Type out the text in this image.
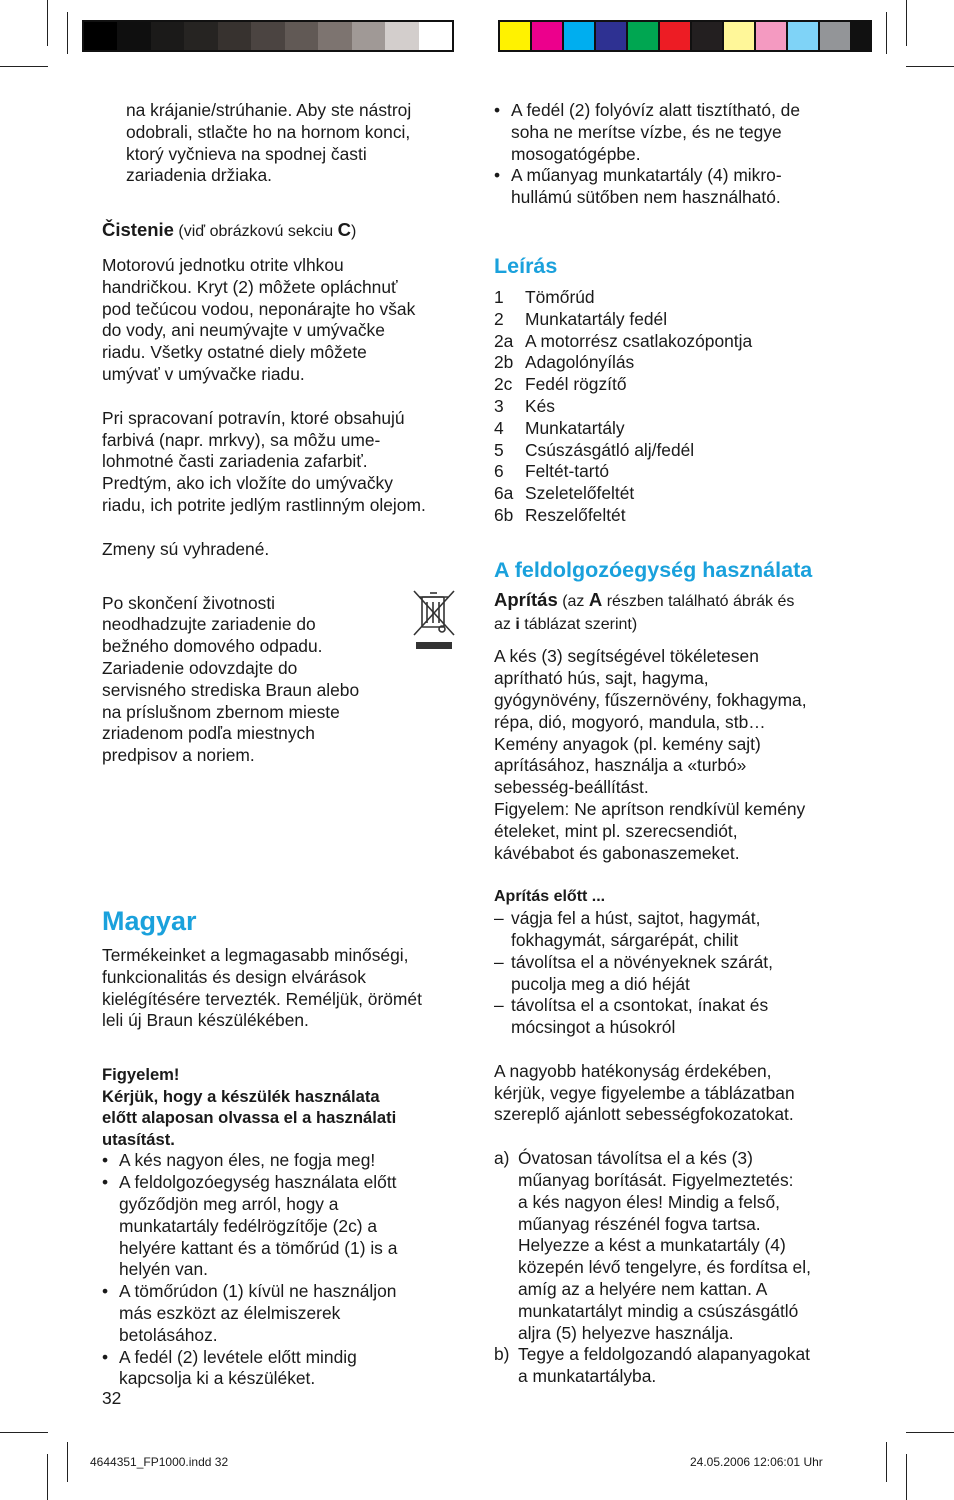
na krájanie/strúhanie. Aby ste nástroj
odobrali, stlačte ho na hornom konci,
ktorý vyčnieva na spodnej časti
zariadenia držiaka.

Čistenie (viď obrázkovú sekciu C)

Motorovú jednotku otrite vlhkou
handričkou. Kryt (2) môžete opláchnuť
pod tečúcou vodou, neponárajte ho však
do vody, ani neumývajte v umývačke
riadu. Všetky ostatné diely môžete
umývať v umývačke riadu.
Pri spracovaní potravín, ktoré obsahujú
farbivá (napr. mrkvy), sa môžu ume-
lohmotné časti zariadenia zafarbiť.
Predtým, ako ich vložíte do umývačky
riadu, ich potrite jedlým rastlinným olejom.

Zmeny sú vyhradené.

Po skončení životnosti
neodhadzujte zariadenie do
bežného domového odpadu.
Zariadenie odovzdajte do
servisného strediska Braun alebo
na príslušnom zbernom mieste
zriadenom podľa miestnych
predpisov a noriem.
Magyar
Termékeinket a legmagasabb minőségi,
funkcionalitás és design elvárások
kielégítésére tervezték. Reméljük, örömét
leli új Braun készülékében.
Figyelem!
Kérjük, hogy a készülék használata
előtt alaposan olvassa el a használati
utasítást.
• A kés nagyon éles, ne fogja meg!
• A feldolgozóegység használata előtt
győződjön meg arról, hogy a
munkatartály fedélrögzítője (2c) a
helyére kattant és a tömőrúd (1) is a
helyén van.
• A tömőrúdon (1) kívül ne használjon
más eszközt az élelmiszerek
betolásához.
• A fedél (2) levétele előtt mindig
kapcsolja ki a készüléket.

32

• A fedél (2) folyóvíz alatt tisztítható, de
soha ne merítse vízbe, és ne tegye
mosogatógépbe.
• A műanyag munkatartály (4) mikro-
hullámú sütőben nem használható.
Leírás
1	Tömőrúd
2	Munkatartály fedél
2a A motorrész csatlakozópontja
2b Adagolónyílás
2c Fedél rögzítő
3	Kés
4	Munkatartály
5	Csúszásgátló alj/fedél
6	Feltét-tartó
6a Szeletelőfeltét
6b Reszelőfeltét
A feldolgozóegység használata

Aprítás (az A részben található ábrák és
az i táblázat szerint)

A kés (3) segítségével tökéletesen
aprítható hús, sajt, hagyma,
gyógynövény, fűszernövény, fokhagyma,
répa, dió, mogyoró, mandula, stb…
Kemény anyagok (pl. kemény sajt)
aprításához, használja a «turbó»
sebesség-beállítást.
Figyelem: Ne aprítson rendkívül kemény
ételeket, mint pl. szerecsendiót,
kávébabot és gabonaszemeket.

Aprítás előtt ...

– vágja fel a húst, sajtot, hagymát,
fokhagymát, sárgarépát, chilit
– távolítsa el a növényeknek szárát,
pucolja meg a dió héját
– távolítsa el a csontokat, ínakat és
mócsingot a húsokról
A nagyobb hatékonyság érdekében,
kérjük, vegye figyelembe a táblázatban
szereplő ajánlott sebességfokozatokat.
a) Óvatosan távolítsa el a kés (3)
műanyag borítását. Figyelmeztetés:
a kés nagyon éles! Mindig a felső,
műanyag részénél fogva tartsa.
Helyezze a kést a munkatartály (4)
közepén lévő tengelyre, és fordítsa el,
amíg az a helyére nem kattan. A
munkatartályt mindig a csúszásgátló
aljra (5) helyezve használja.
b) Tegye a feldolgozandó alapanyagokat
a munkatartályba.
4644351_FP1000.indd 32	24.05.2006 12:06:01 Uhr
